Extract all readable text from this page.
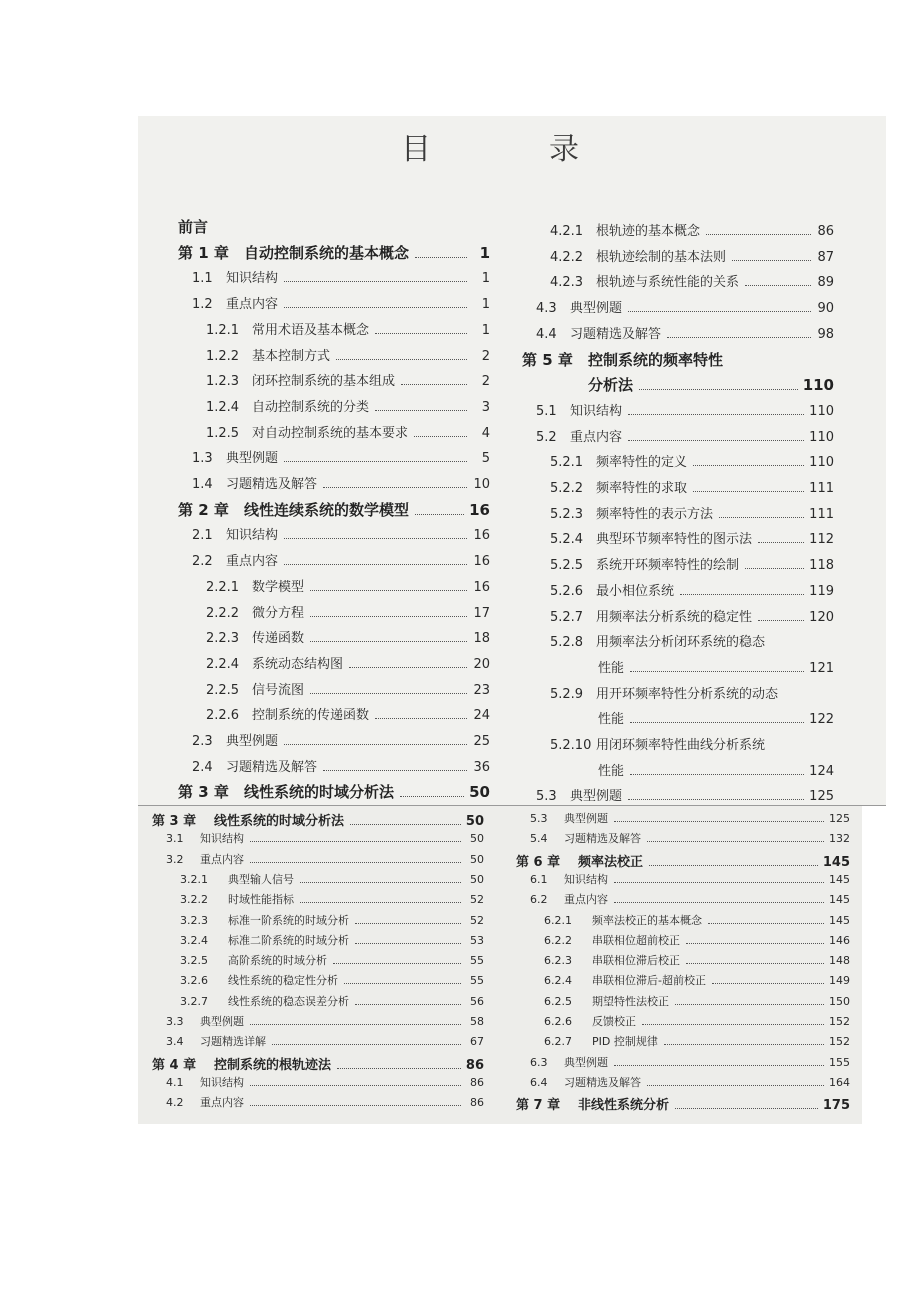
目　录
前言
第 1 章	自动控制系统的基本概念	1
1.1	知识结构	1
1.2	重点内容	1
1.2.1 常用术语及基本概念	1
1.2.2 基本控制方式	2
1.2.3 闭环控制系统的基本组成	2
1.2.4 自动控制系统的分类	3
1.2.5 对自动控制系统的基本要求	4
1.3	典型例题	5
1.4	习题精选及解答	10
第 2 章	线性连续系统的数学模型	16
2.1	知识结构	16
2.2	重点内容	16
2.2.1 数学模型	16
2.2.2 微分方程	17
2.2.3 传递函数	18
2.2.4 系统动态结构图	20
2.2.5 信号流图	23
2.2.6 控制系统的传递函数	24
2.3	典型例题	25
2.4	习题精选及解答	36
第 3 章	线性系统的时域分析法	50
4.2.1 根轨迹的基本概念	86
4.2.2 根轨迹绘制的基本法则	87
4.2.3 根轨迹与系统性能的关系	89
4.3	典型例题	90
4.4	习题精选及解答	98
第 5 章	控制系统的频率特性
分析法	110
5.1	知识结构	110
5.2	重点内容	110
5.2.1 频率特性的定义	110
5.2.2 频率特性的求取	111
5.2.3 频率特性的表示方法	111
5.2.4 典型环节频率特性的图示法	112
5.2.5 系统开环频率特性的绘制	118
5.2.6 最小相位系统	119
5.2.7 用频率法分析系统的稳定性	120
5.2.8 用频率法分析闭环系统的稳态
性能	121
5.2.9 用开环频率特性分析系统的动态
性能	122
5.2.10 用闭环频率特性曲线分析系统
性能	124
5.3	典型例题	125
第 3 章	线性系统的时域分析法	50
3.1	知识结构	50
3.2	重点内容	50
3.2.1	典型输人信号	50
3.2.2	时域性能指标	52
3.2.3	标准一阶系统的时域分析	52
3.2.4	标准二阶系统的时域分析	53
3.2.5	高阶系统的时域分析	55
3.2.6	线性系统的稳定性分析	55
3.2.7	线性系统的稳态误差分析	56
3.3	典型例题	58
3.4	习题精选详解	67
第 4 章	控制系统的根轨迹法	86
4.1	知识结构	86
4.2	重点内容	86
5.3	典型例题	125
5.4	习题精选及解答	132
第 6 章	频率法校正	145
6.1	知识结构	145
6.2	重点内容	145
6.2.1	频率法校正的基本概念	145
6.2.2	串联相位超前校正	146
6.2.3	串联相位滞后校正	148
6.2.4	串联相位滞后-超前校正	149
6.2.5	期望特性法校正	150
6.2.6	反馈校正	152
6.2.7	PID 控制规律	152
6.3	典型例题	155
6.4	习题精选及解答	164
第 7 章	非线性系统分析	175
